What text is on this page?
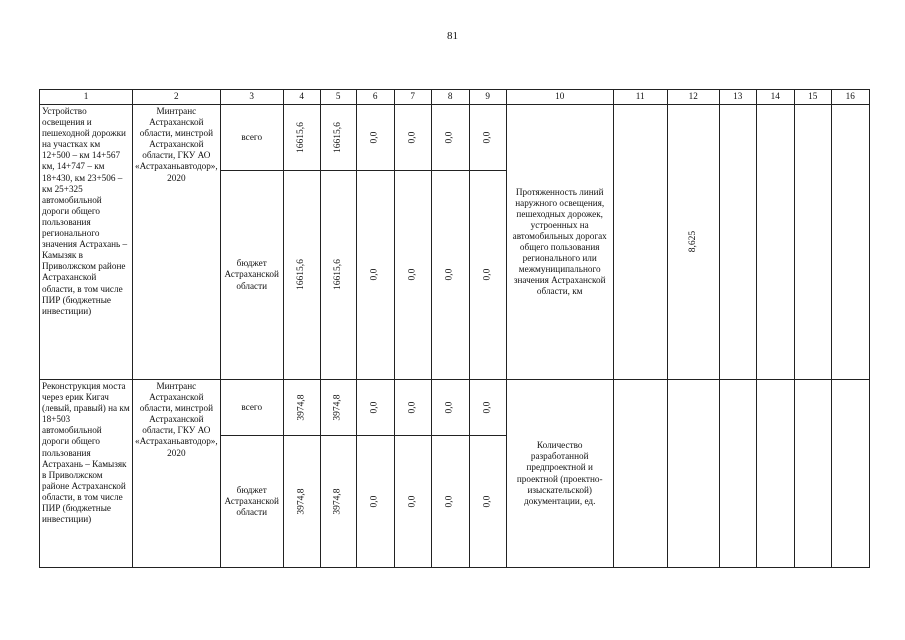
81
1	2	3	4	5	6	7	8	9	10	11	12	13	14	15	16
Устройство освещения и пешеходной дорожки на участках км 12+500 – км 14+567 км, 14+747 – км 18+430, км 23+506 – км 25+325 автомобильной дороги общего пользования регионального значения Астрахань – Камызяк в Приволжском районе Астраханской области, в том числе ПИР (бюджетные инвестиции)	Минтранс Астраханской области, минстрой Астраханской области, ГКУ АО «Астраханьавтодор», 2020	всего	16615,6	16615,6	0,0	0,0	0,0	0,0	Протяженность линий наружного освещения, пешеходных дорожек, устроенных на автомобильных дорогах общего пользования регионального или межмуниципального значения Астраханской области, км		8,625				

		бюджет Астраханской области	16615,6	16615,6	0,0	0,0	0,0	0,0							

Реконструкция моста через ерик Кигач (левый, правый) на км 18+503 автомобильной дороги общего пользования Астрахань – Камызяк в Приволжском районе Астраханской области, в том числе ПИР (бюджетные инвестиции)	Минтранс Астраханской области, минстрой Астраханской области, ГКУ АО «Астраханьавтодор», 2020	всего	3974,8	3974,8	0,0	0,0	0,0	0,0	Количество разработанной предпроектной и проектной (проектно-изыскательской) документации, ед.						
		бюджет Астраханской области	3974,8	3974,8	0,0	0,0	0,0	0,0							
